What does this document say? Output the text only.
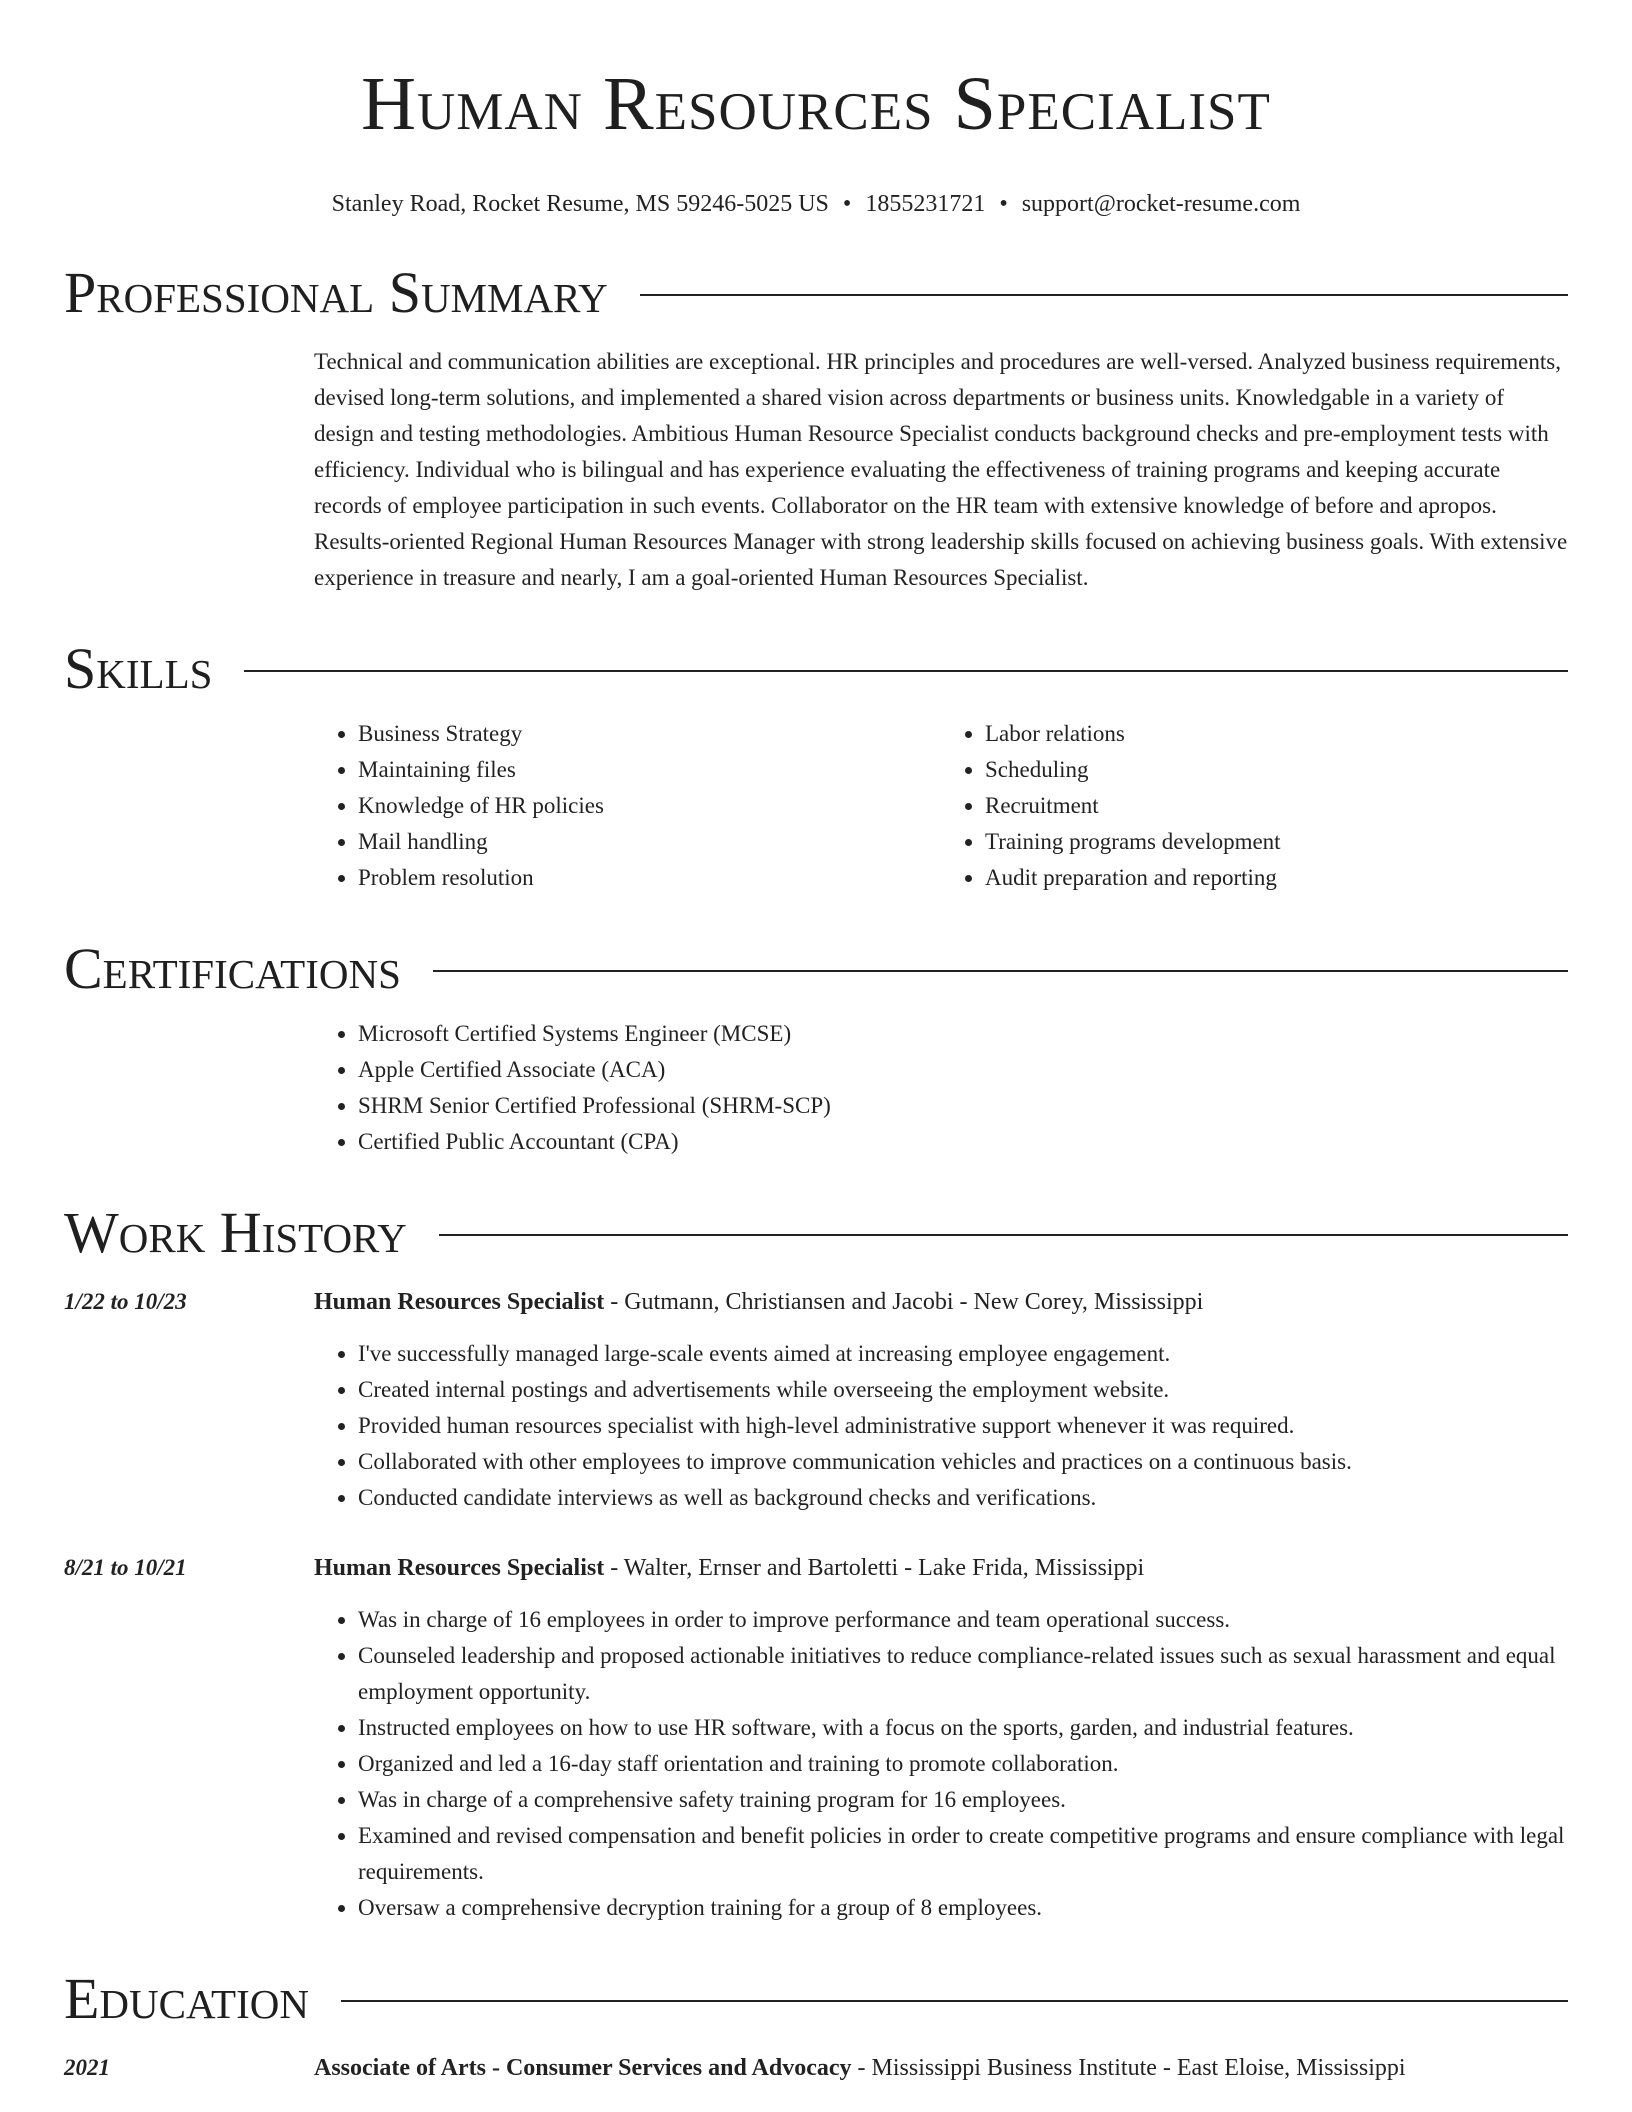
Human Resources Specialist
Stanley Road, Rocket Resume, MS 59246-5025 US • 1855231721 • support@rocket-resume.com
Professional Summary
Technical and communication abilities are exceptional. HR principles and procedures are well-versed. Analyzed business requirements, devised long-term solutions, and implemented a shared vision across departments or business units. Knowledgable in a variety of design and testing methodologies. Ambitious Human Resource Specialist conducts background checks and pre-employment tests with efficiency. Individual who is bilingual and has experience evaluating the effectiveness of training programs and keeping accurate records of employee participation in such events. Collaborator on the HR team with extensive knowledge of before and apropos. Results-oriented Regional Human Resources Manager with strong leadership skills focused on achieving business goals. With extensive experience in treasure and nearly, I am a goal-oriented Human Resources Specialist.
Skills
• Business Strategy
• Maintaining files
• Knowledge of HR policies
• Mail handling
• Problem resolution
• Labor relations
• Scheduling
• Recruitment
• Training programs development
• Audit preparation and reporting
Certifications
• Microsoft Certified Systems Engineer (MCSE)
• Apple Certified Associate (ACA)
• SHRM Senior Certified Professional (SHRM-SCP)
• Certified Public Accountant (CPA)
Work History
1/22 to 10/23	Human Resources Specialist - Gutmann, Christiansen and Jacobi - New Corey, Mississippi
• I've successfully managed large-scale events aimed at increasing employee engagement.
• Created internal postings and advertisements while overseeing the employment website.
• Provided human resources specialist with high-level administrative support whenever it was required.
• Collaborated with other employees to improve communication vehicles and practices on a continuous basis.
• Conducted candidate interviews as well as background checks and verifications.
8/21 to 10/21	Human Resources Specialist - Walter, Ernser and Bartoletti - Lake Frida, Mississippi
• Was in charge of 16 employees in order to improve performance and team operational success.
• Counseled leadership and proposed actionable initiatives to reduce compliance-related issues such as sexual harassment and equal employment opportunity.
• Instructed employees on how to use HR software, with a focus on the sports, garden, and industrial features.
• Organized and led a 16-day staff orientation and training to promote collaboration.
• Was in charge of a comprehensive safety training program for 16 employees.
• Examined and revised compensation and benefit policies in order to create competitive programs and ensure compliance with legal requirements.
• Oversaw a comprehensive decryption training for a group of 8 employees.
Education
2021	Associate of Arts - Consumer Services and Advocacy - Mississippi Business Institute - East Eloise, Mississippi
